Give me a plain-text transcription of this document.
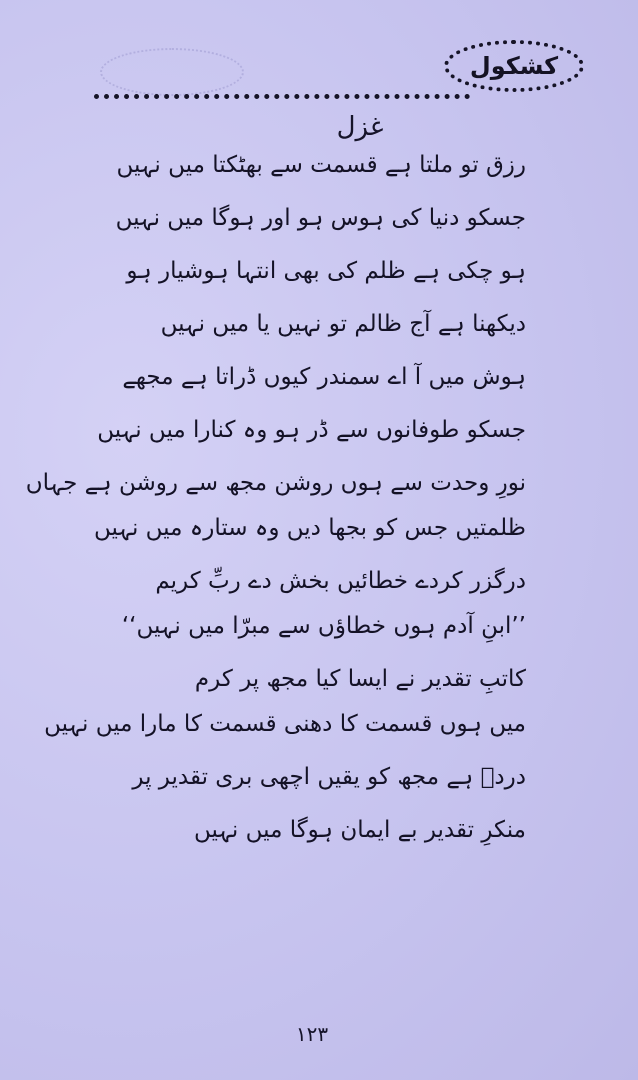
کشکول
غزل
رزق تو ملتا ہے قسمت سے بھٹکتا میں نہیں
جسکو دنیا کی ہوس ہو اور ہوگا میں نہیں
ہو چکی ہے ظلم کی بھی انتہا ہوشیار ہو
دیکھنا ہے آج ظالم تو نہیں یا میں نہیں
ہوش میں آ اے سمندر کیوں ڈراتا ہے مجھے
جسکو طوفانوں سے ڈر ہو وہ کنارا میں نہیں
نورِ وحدت سے ہوں روشن مجھ سے روشن ہے جہاں
ظلمتیں جس کو بجھا دیں وہ ستارہ میں نہیں
درگزر کردے خطائیں بخش دے ربِّ کریم
’’ابنِ آدم ہوں خطاؤں سے مبرّا میں نہیں‘‘
کاتبِ تقدیر نے ایسا کیا مجھ پر کرم
میں ہوں قسمت کا دھنی قسمت کا مارا میں نہیں
دردؔ ہے مجھ کو یقیں اچھی بری تقدیر پر
منکرِ تقدیر بے ایمان ہوگا میں نہیں
۱۲۳
